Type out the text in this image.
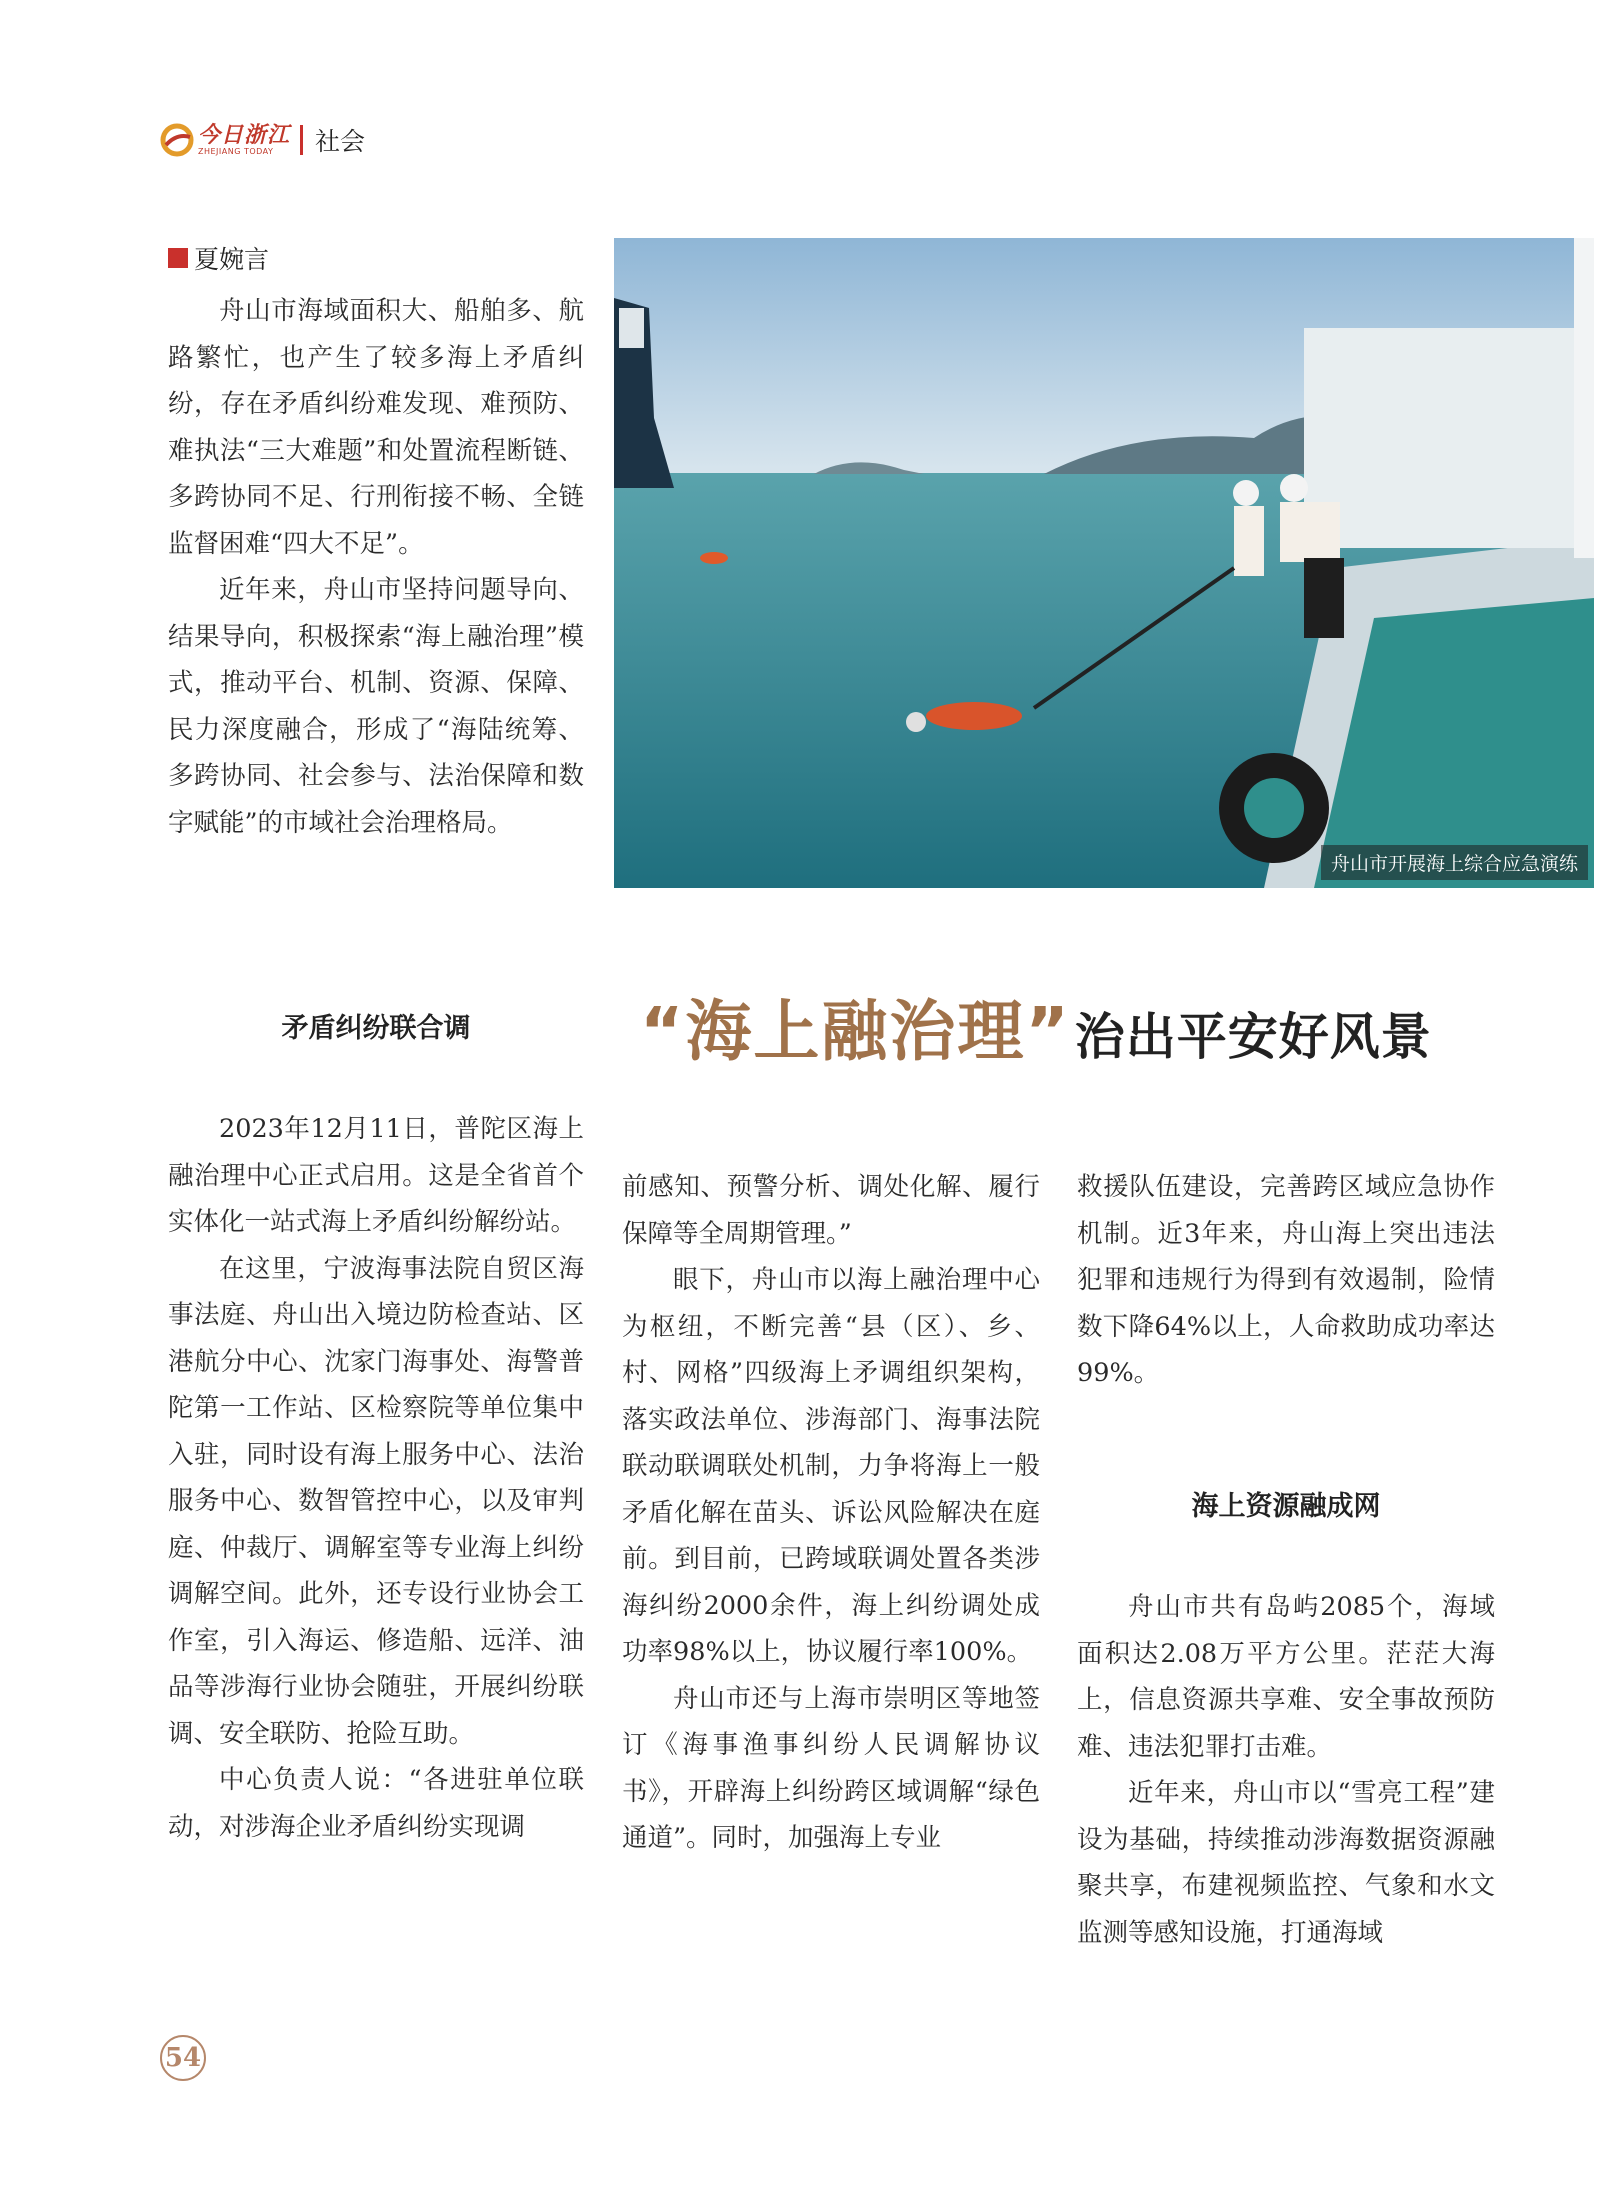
今日浙江
ZHEJIANG TODAY	社会
夏婉言

舟山市海域面积大、船舶多、航路繁忙，也产生了较多海上矛盾纠纷，存在矛盾纠纷难发现、难预防、难执法“三大难题”和处置流程断链、多跨协同不足、行刑衔接不畅、全链监督困难“四大不足”。

近年来，舟山市坚持问题导向、结果导向，积极探索“海上融治理”模式，推动平台、机制、资源、保障、民力深度融合，形成了“海陆统筹、多跨协同、社会参与、法治保障和数字赋能”的市域社会治理格局。

舟山市开展海上综合应急演练
“海上融治理” 治出平安好风景
矛盾纠纷联合调

2023年12月11日，普陀区海上融治理中心正式启用。这是全省首个实体化一站式海上矛盾纠纷解纷站。

在这里，宁波海事法院自贸区海事法庭、舟山出入境边防检查站、区港航分中心、沈家门海事处、海警普陀第一工作站、区检察院等单位集中入驻，同时设有海上服务中心、法治服务中心、数智管控中心，以及审判庭、仲裁厅、调解室等专业海上纠纷调解空间。此外，还专设行业协会工作室，引入海运、修造船、远洋、油品等涉海行业协会随驻，开展纠纷联调、安全联防、抢险互助。

中心负责人说：“各进驻单位联动，对涉海企业矛盾纠纷实现调

前感知、预警分析、调处化解、履行保障等全周期管理。”

眼下，舟山市以海上融治理中心为枢纽，不断完善“县（区）、乡、村、网格”四级海上矛调组织架构，落实政法单位、涉海部门、海事法院联动联调联处机制，力争将海上一般矛盾化解在苗头、诉讼风险解决在庭前。到目前，已跨域联调处置各类涉海纠纷2000余件，海上纠纷调处成功率98%以上，协议履行率100%。

舟山市还与上海市崇明区等地签订《海事渔事纠纷人民调解协议书》，开辟海上纠纷跨区域调解“绿色通道”。同时，加强海上专业

救援队伍建设，完善跨区域应急协作机制。近3年来，舟山海上突出违法犯罪和违规行为得到有效遏制，险情数下降64%以上，人命救助成功率达99%。

海上资源融成网

舟山市共有岛屿2085个，海域面积达2.08万平方公里。茫茫大海上，信息资源共享难、安全事故预防难、违法犯罪打击难。

近年来，舟山市以“雪亮工程”建设为基础，持续推动涉海数据资源融聚共享，布建视频监控、气象和水文监测等感知设施，打通海域

54
